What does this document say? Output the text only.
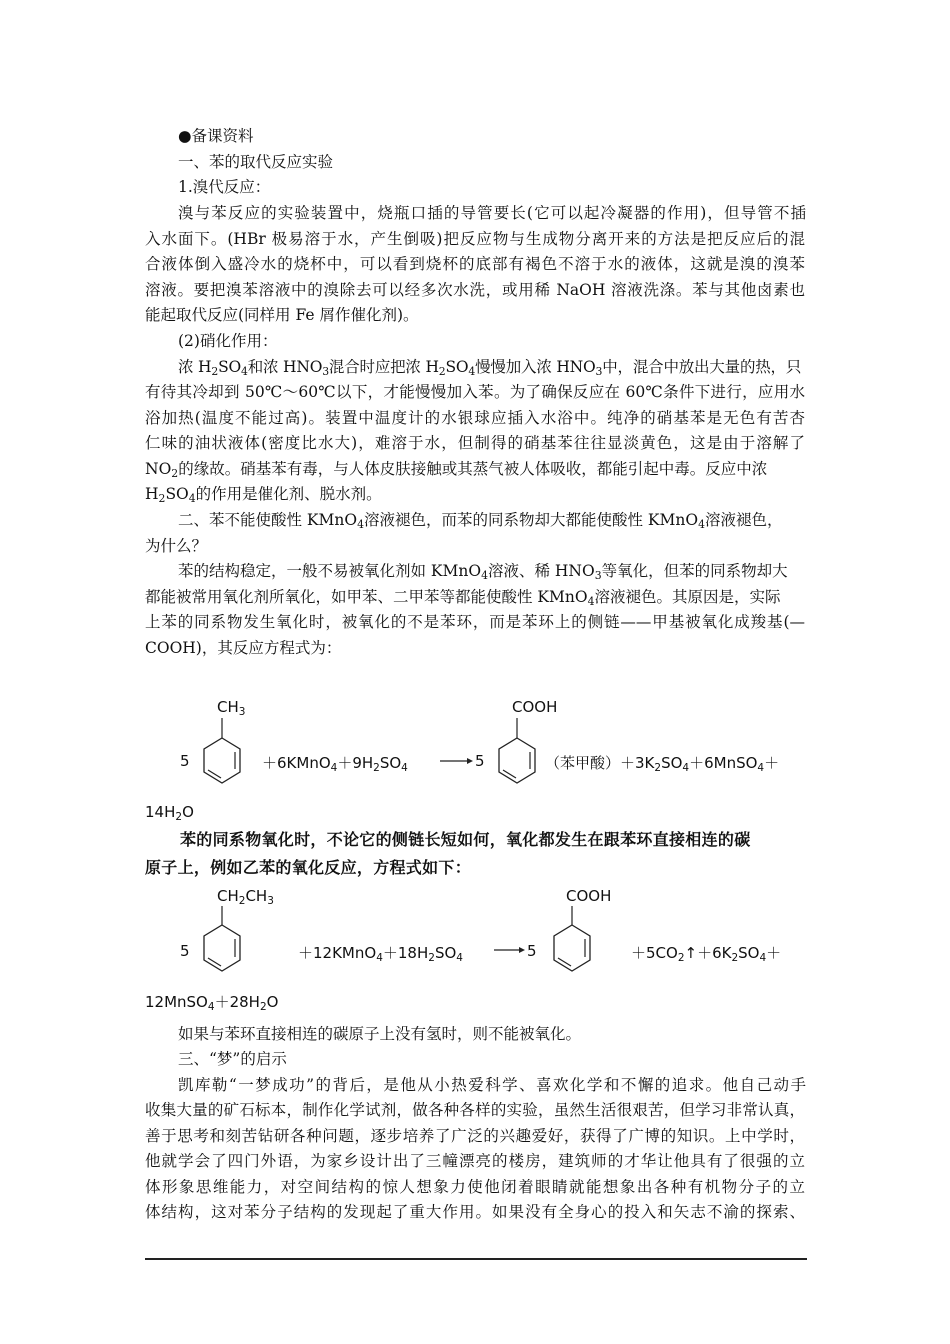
●备课资料
一、苯的取代反应实验
1.溴代反应：
溴与苯反应的实验装置中，烧瓶口插的导管要长(它可以起冷凝器的作用)，但导管不插
入水面下。(HBr 极易溶于水，产生倒吸)把反应物与生成物分离开来的方法是把反应后的混
合液体倒入盛冷水的烧杯中，可以看到烧杯的底部有褐色不溶于水的液体，这就是溴的溴苯
溶液。要把溴苯溶液中的溴除去可以经多次水洗，或用稀 NaOH 溶液洗涤。苯与其他卤素也
能起取代反应(同样用 Fe 屑作催化剂)。
(2)硝化作用：
浓 $H_2SO_4$和浓 $HNO_3$混合时应把浓 $H_2SO_4$慢慢加入浓 $HNO_3$中，混合中放出大量的热，只
有待其冷却到 50℃～60℃以下，才能慢慢加入苯。为了确保反应在 60℃条件下进行，应用水
浴加热(温度不能过高)。装置中温度计的水银球应插入水浴中。纯净的硝基苯是无色有苦杏
仁味的油状液体(密度比水大)，难溶于水，但制得的硝基苯往往显淡黄色，这是由于溶解了
$NO_2$的缘故。硝基苯有毒，与人体皮肤接触或其蒸气被人体吸收，都能引起中毒。反应中浓
$H_2SO_4$的作用是催化剂、脱水剂。
二、苯不能使酸性 KMnO$_4$溶液褪色，而苯的同系物却大都能使酸性 KMnO$_4$溶液褪色，
为什么？
苯的结构稳定，一般不易被氧化剂如 KMnO$_4$溶液、稀 $HNO_3$等氧化，但苯的同系物却大
都能被常用氧化剂所氧化，如甲苯、二甲苯等都能使酸性 KMnO$_4$溶液褪色。其原因是，实际
上苯的同系物发生氧化时，被氧化的不是苯环，而是苯环上的侧链——甲基被氧化成羧基(—
COOH)，其反应方程式为：
$CH_3$
5	$+6KMnO_4+9H_2SO_4$	5
COOH
（苯甲酸）$+3K_2SO_4+6MnSO_4+$
$14H_2O$
苯的同系物氧化时，不论它的侧链长短如何，氧化都发生在跟苯环直接相连的碳
原子上，例如乙苯的氧化反应，方程式如下：
$CH_2CH_3$
5	$+12KMnO_4+18H_2SO_4$	5
COOH
$+5CO_2↑+6K_2SO_4+$
$12MnSO_4+28H_2O$
如果与苯环直接相连的碳原子上没有氢时，则不能被氧化。
三、“梦”的启示
凯库勒“一梦成功”的背后，是他从小热爱科学、喜欢化学和不懈的追求。他自己动手
收集大量的矿石标本，制作化学试剂，做各种各样的实验，虽然生活很艰苦，但学习非常认真，
善于思考和刻苦钻研各种问题，逐步培养了广泛的兴趣爱好，获得了广博的知识。上中学时，
他就学会了四门外语，为家乡设计出了三幢漂亮的楼房，建筑师的才华让他具有了很强的立
体形象思维能力，对空间结构的惊人想象力使他闭着眼睛就能想象出各种有机物分子的立
体结构，这对苯分子结构的发现起了重大作用。如果没有全身心的投入和矢志不渝的探索、
